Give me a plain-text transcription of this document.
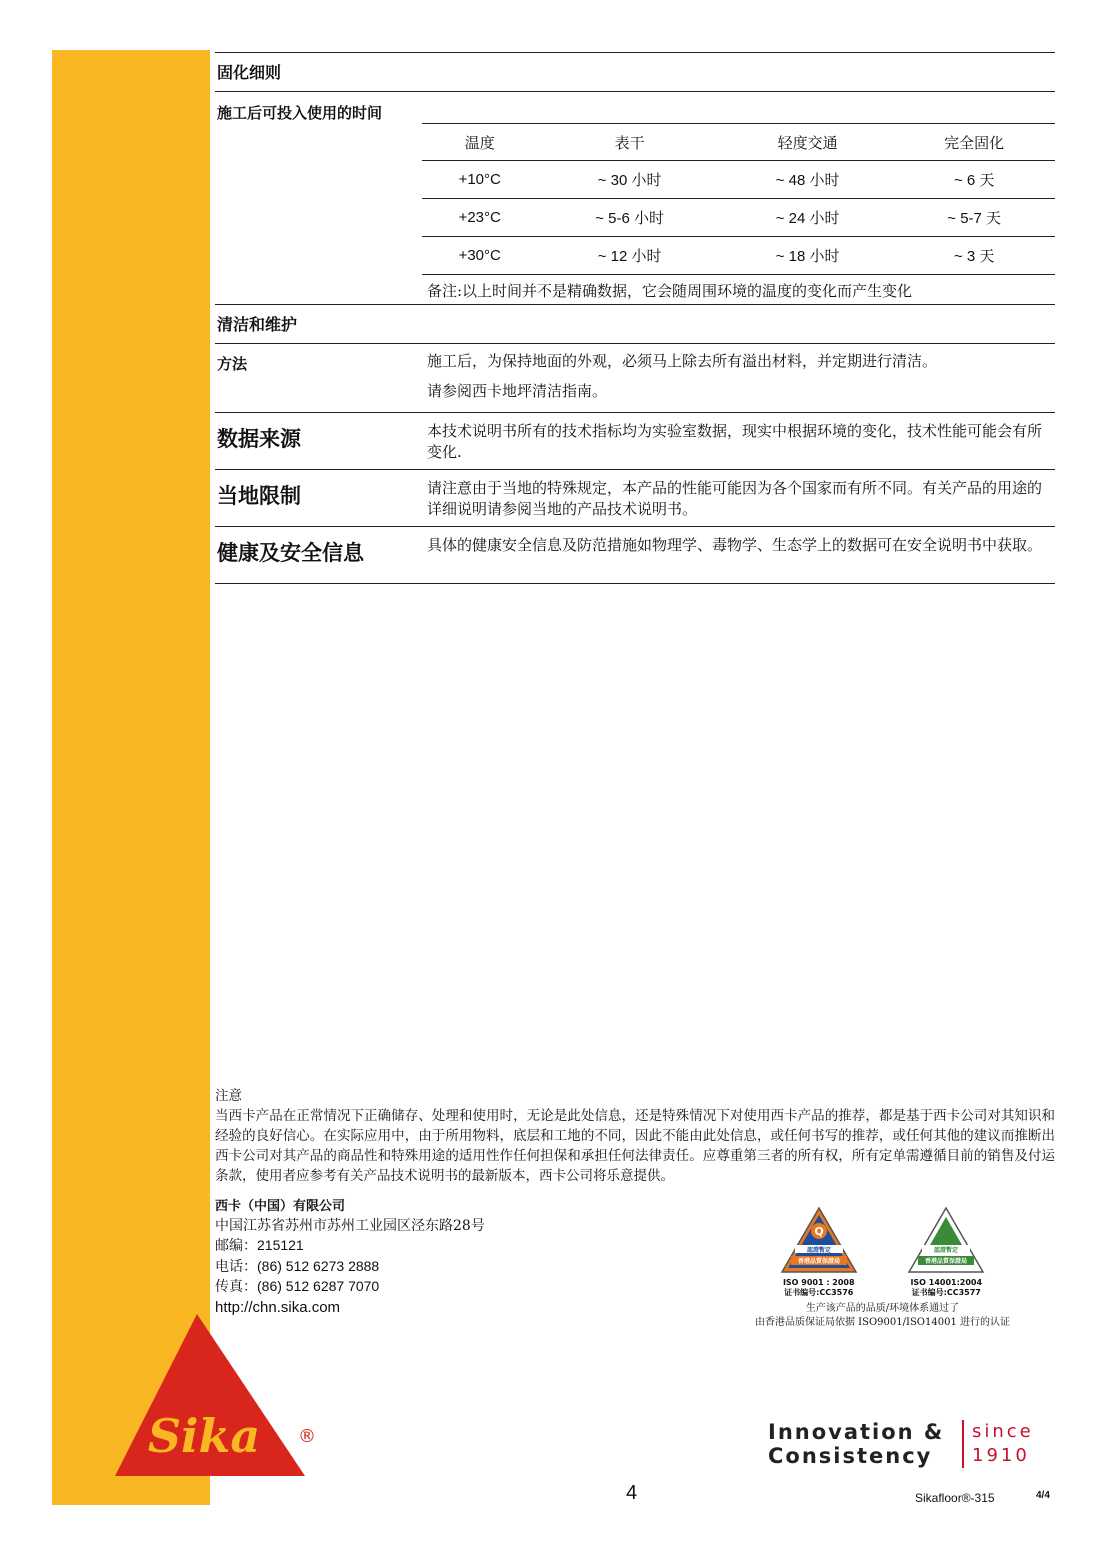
固化细则
施工后可投入使用的时间
温度	表干	轻度交通	完全固化
+10°C	~ 30 小时	~ 48 小时	~ 6 天
+23°C	~ 5-6 小时	~ 24 小时	~ 5-7 天
+30°C	~ 12 小时	~ 18 小时	~ 3 天
备注:以上时间并不是精确数据，它会随周围环境的温度的变化而产生变化
清洁和维护
方法	施工后，为保持地面的外观，必须马上除去所有溢出材料，并定期进行清洁。
请参阅西卡地坪清洁指南。
数据来源	本技术说明书所有的技术指标均为实验室数据，现实中根据环境的变化，技术性能可能会有所变化.
当地限制	请注意由于当地的特殊规定，本产品的性能可能因为各个国家而有所不同。有关产品的用途的详细说明请参阅当地的产品技术说明书。
健康及安全信息	具体的健康安全信息及防范措施如物理学、毒物学、生态学上的数据可在安全说明书中获取。
注意
当西卡产品在正常情况下正确储存、处理和使用时，无论是此处信息，还是特殊情况下对使用西卡产品的推荐，都是基于西卡公司对其知识和经验的良好信心。在实际应用中，由于所用物料，底层和工地的不同，因此不能由此处信息，或任何书写的推荐，或任何其他的建议而推断出西卡公司对其产品的商品性和特殊用途的适用性作任何担保和承担任何法律责任。应尊重第三者的所有权，所有定单需遵循目前的销售及付运条款，使用者应参考有关产品技术说明书的最新版本，西卡公司将乐意提供。
西卡（中国）有限公司
中国江苏省苏州市苏州工业园区泾东路28号
邮编：215121
电话：(86) 512 6273 2888
传真：(86) 512 6287 7070
http://chn.sika.com
Q
認證暫定
香港品質保證局
ISO 9001 : 2008
证书编号:CC3576
認證暫定
香港品質保證局
ISO 14001:2004
证书编号:CC3577
生产该产品的品质/环境体系通过了
由香港品质保证局依据 ISO9001/ISO14001 进行的认证
Sika ®	Innovation &
Consistency
since
1910
4	Sikafloor®-315	4/4
